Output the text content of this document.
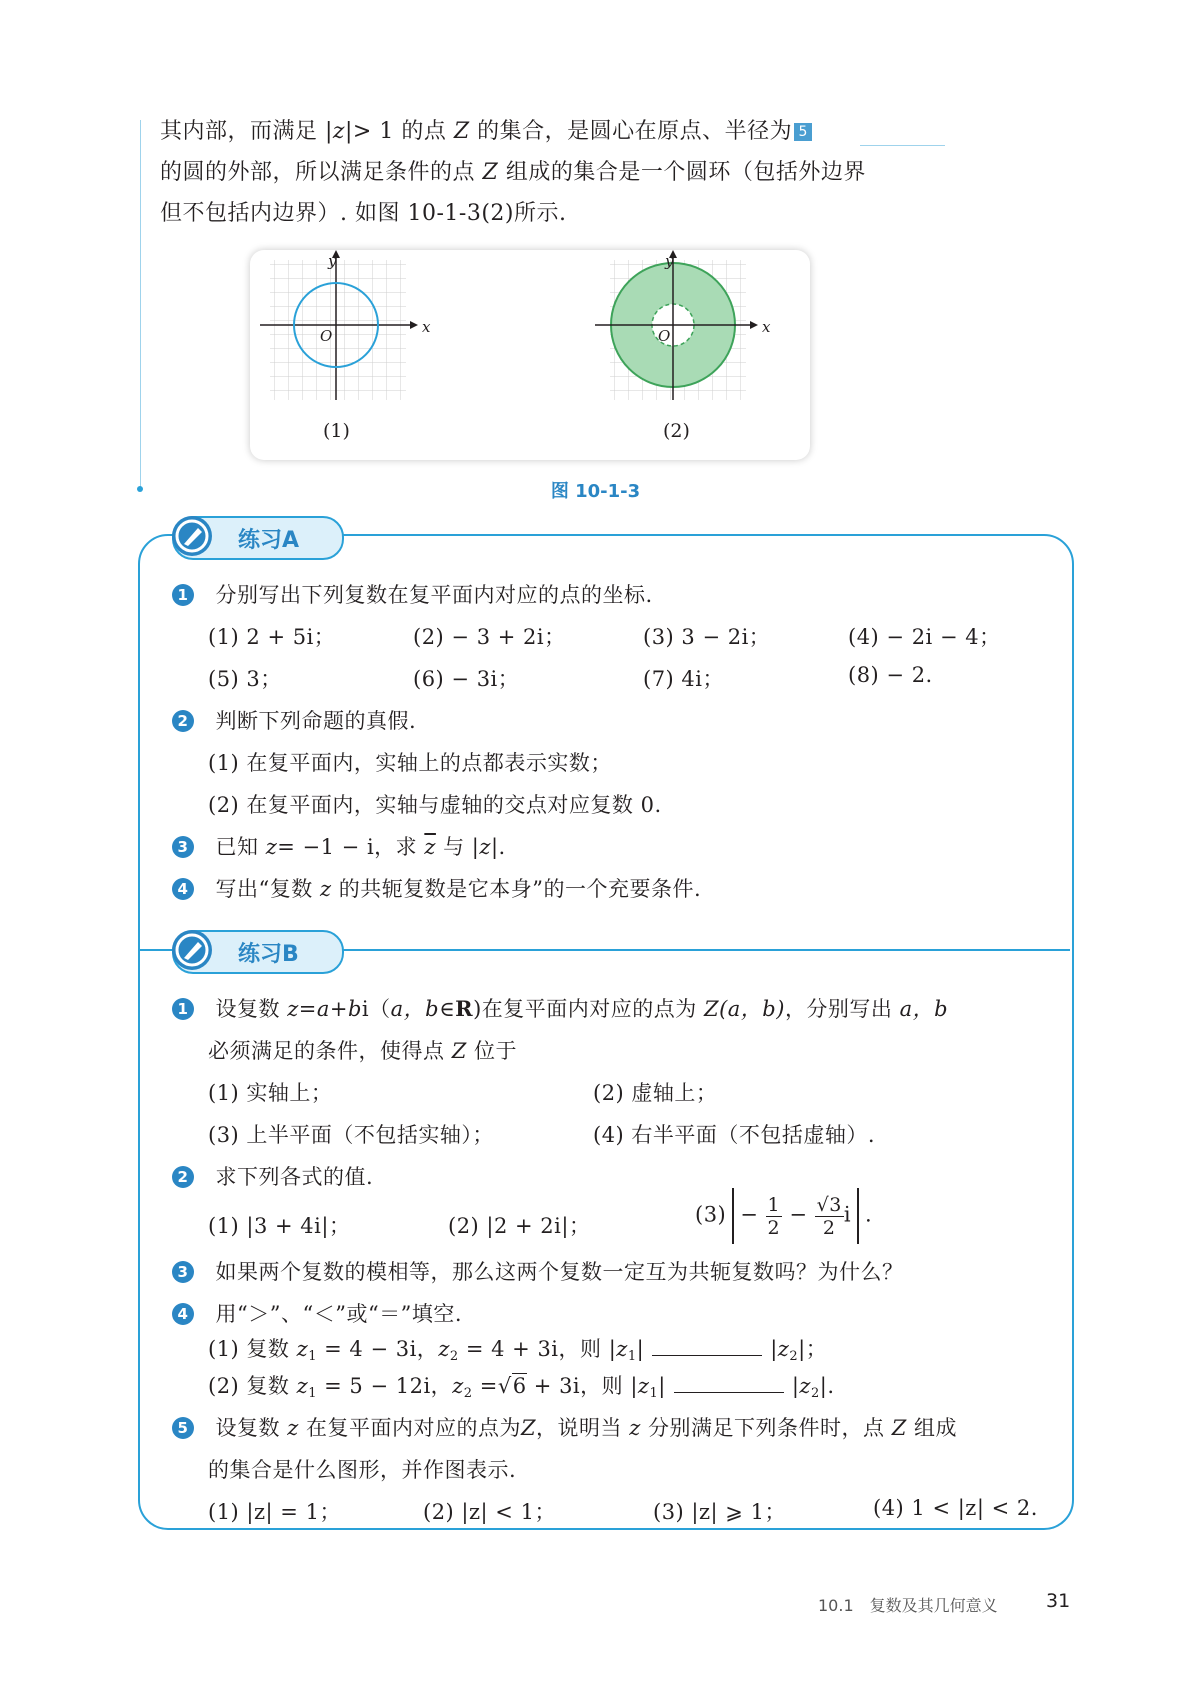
其内部，而满足 |z|> 1 的点 Z 的集合，是圆心在原点、半径为 5
的圆的外部，所以满足条件的点 Z 组成的集合是一个圆环（包括外边界
但不包括内边界）. 如图 10-1-3(2)所示.
y
x
O
y
x
O
(1)	(2)
图 10-1-3
练习A
1　 分别写出下列复数在复平面内对应的点的坐标.
(1) 2 + 5i；	(2) − 3 + 2i；	(3) 3 − 2i；	(4) − 2i − 4；
(5) 3；	(6) − 3i；	(7) 4i；	(8) − 2.
2　 判断下列命题的真假.
(1) 在复平面内，实轴上的点都表示实数；
(2) 在复平面内，实轴与虚轴的交点对应复数 0.
3　 已知 z= −1 − i，求 $\overline{z}$ 与 |z|.
4　 写出“复数 z 的共轭复数是它本身”的一个充要条件.
练习B
1　 设复数 z=a+bi（a，b∈R)在复平面内对应的点为 Z(a，b)，分别写出 a，b
必须满足的条件，使得点 Z 位于
(1) 实轴上；	(2) 虚轴上；
(3) 上半平面（不包括实轴）；	(4) 右半平面（不包括虚轴）.
2　 求下列各式的值.
(1) |3 + 4i|；	(2) |2 + 2i|；	$(3) - \frac{1}{2} - \frac{√3}{2}$ i .
3　 如果两个复数的模相等，那么这两个复数一定互为共轭复数吗？为什么？
4　 用“＞”、“＜”或“＝”填空.
(1) 复数 $z_1 = 4 - 3i$，$z_2 = 4 + 3i$，则 $|z_1|$	$|z_2|$；
(2) 复数 $z_1 = 5 - 12i$，$z_2 =√6 + 3i$，则 $|z_1|$	$|z_2|$.
5　 设复数 z 在复平面内对应的点为Z，说明当 z 分别满足下列条件时，点 Z 组成
的集合是什么图形，并作图表示.
(1) |z| = 1；	(2) |z| < 1；	(3) |z| ⩾ 1；	(4) 1 < |z| < 2.
10.1　复数及其几何意义	31
